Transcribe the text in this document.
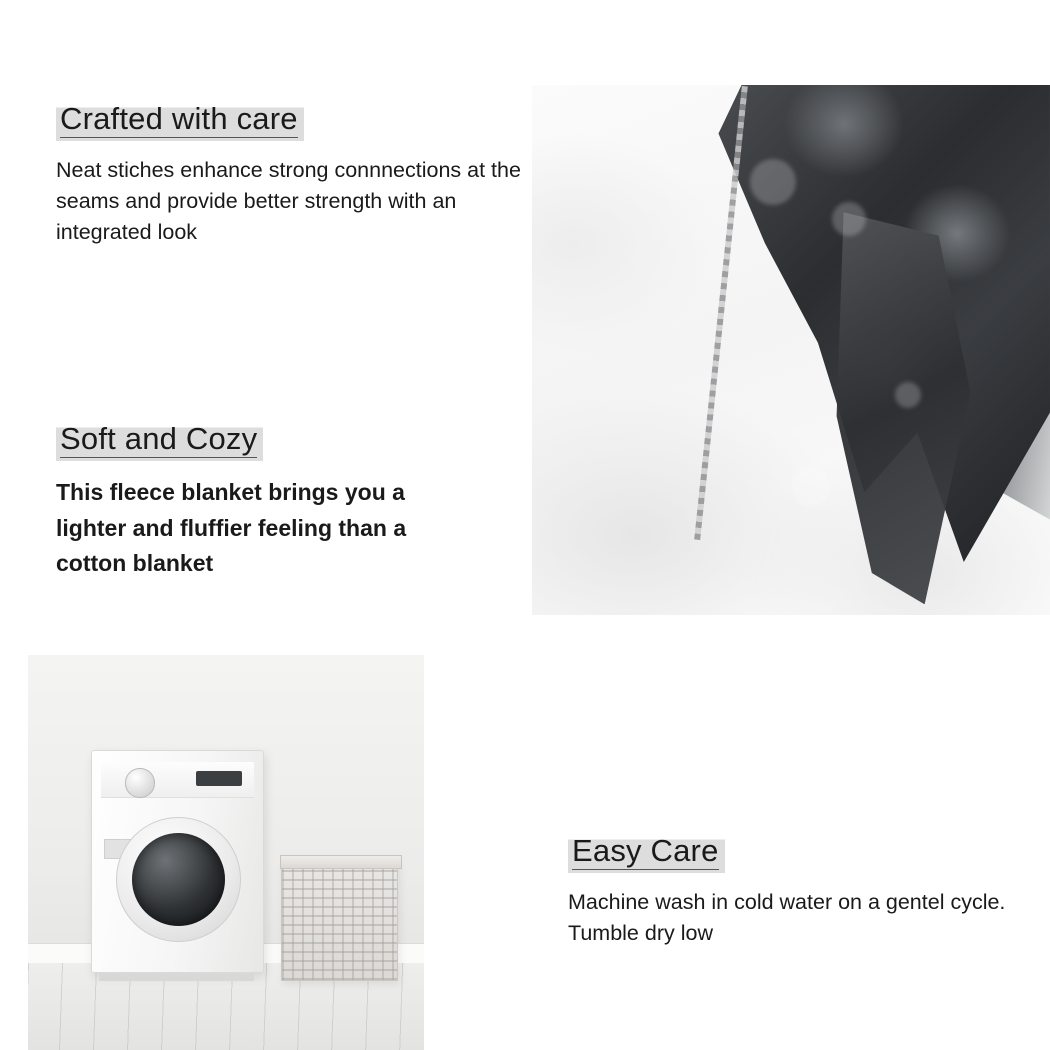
Crafted with care
Neat stiches enhance strong connnections at the seams and provide better strength with an integrated look
Soft and Cozy
This fleece blanket brings you a lighter and fluffier feeling than a cotton blanket
Easy Care
Machine wash in cold water on a gentel cycle. Tumble dry low
